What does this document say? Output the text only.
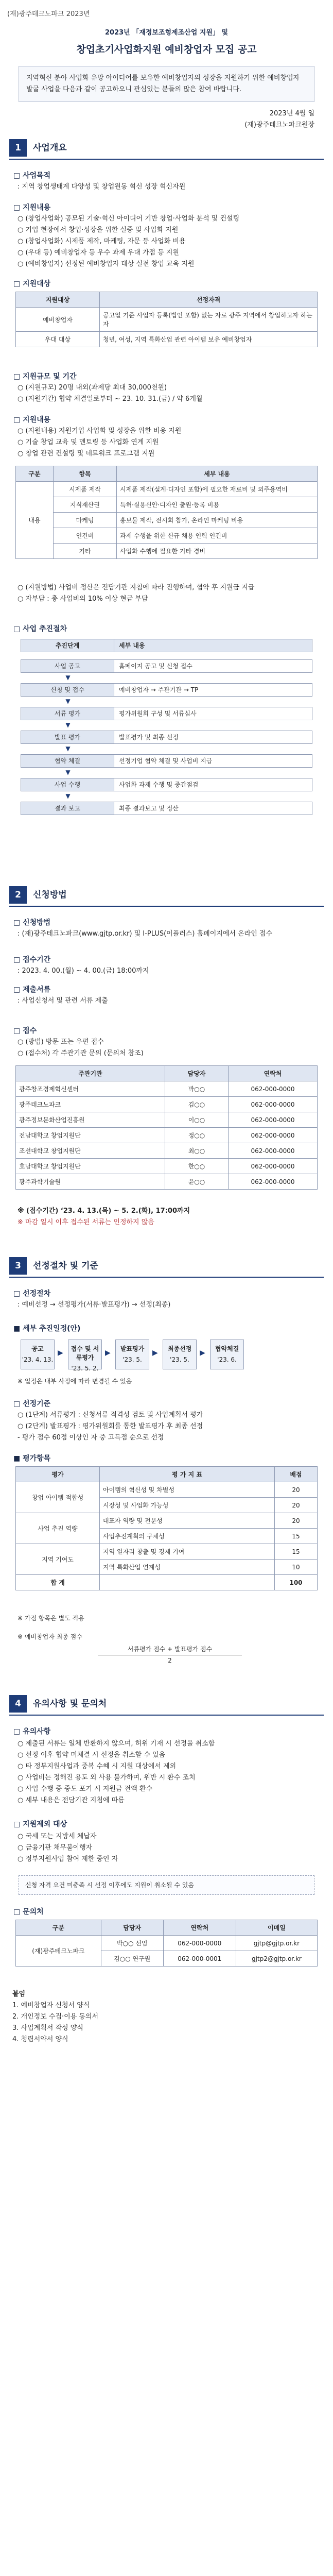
(재)광주테크노파크 2023년
2023년 「재정보조형제조산업 지원」 및
창업초기사업화지원 예비창업자 모집 공고
지역혁신 분야 사업화 유망 아이디어를 보유한 예비창업자의 성장을 지원하기 위한 예비창업자 발굴 사업을 다음과 같이 공고하오니 관심있는 분들의 많은 참여 바랍니다.
2023년 4월 일
(재)광주테크노파크원장
1	사업개요
□ 사업목적
: 지역 창업생태계 다양성 및 창업원동 혁신 성장 혁신자원
□ 지원내용
○ (창업사업화) 공모된 기술·혁신 아이디어 기반 창업·사업화 분석 및 컨설팅
○ 기업 현장에서 창업·성장을 위한 실증 및 사업화 지원
○ (창업사업화) 시제품 제작, 마케팅, 자문 등 사업화 비용
○ (우대 등) 예비창업자 등 우수 과제 우대 가점 등 지원
○ (예비창업자) 선정된 예비창업자 대상 실전 창업 교육 지원
□ 지원대상
지원대상	선정자격
예비창업자	공고일 기준 사업자 등록(법인 포함) 없는 자로 광주 지역에서 창업하고자 하는 자
우대 대상	청년, 여성, 지역 특화산업 관련 아이템 보유 예비창업자
□ 지원규모 및 기간
○ (지원규모) 20명 내외(과제당 최대 30,000천원)
○ (지원기간) 협약 체결일로부터 ~ 23. 10. 31.(금) / 약 6개월
□ 지원내용
○ (지원내용) 지원기업 사업화 및 성장을 위한 비용 지원
○ 기술 창업 교육 및 멘토링 등 사업화 연계 지원
○ 창업 관련 컨설팅 및 네트워크 프로그램 지원
구분	항목	세부 내용
내용	시제품 제작	시제품 제작(설계·디자인 포함)에 필요한 재료비 및 외주용역비
	지식재산권	특허·실용신안·디자인 출원·등록 비용
	마케팅	홍보물 제작, 전시회 참가, 온라인 마케팅 비용
	인건비	과제 수행을 위한 신규 채용 인력 인건비
	기타	사업화 수행에 필요한 기타 경비
○ (지원방법) 사업비 정산은 전담기관 지침에 따라 진행하며, 협약 후 지원금 지급
○ 자부담 : 총 사업비의 10% 이상 현금 부담
□ 사업 추진절차
추진단계	세부 내용
사업 공고	홈페이지 공고 및 신청 접수
▼
신청 및 접수	예비창업자 → 주관기관 → TP
▼
서류 평가	평가위원회 구성 및 서류심사
▼
발표 평가	발표평가 및 최종 선정
▼
협약 체결	선정기업 협약 체결 및 사업비 지급
▼
사업 수행	사업화 과제 수행 및 중간점검
▼
결과 보고	최종 결과보고 및 정산
2	신청방법
□ 신청방법
: (재)광주테크노파크(www.gjtp.or.kr) 및 I-PLUS(이플러스) 홈페이지에서 온라인 접수
□ 접수기간
: 2023. 4. 00.(월) ~ 4. 00.(금) 18:00까지
□ 제출서류
: 사업신청서 및 관련 서류 제출
□ 접수
○ (방법) 방문 또는 우편 접수
○ (접수처) 각 주관기관 문의 (문의처 참조)
주관기관	담당자	연락처
광주창조경제혁신센터	박○○	062-000-0000
광주테크노파크	김○○	062-000-0000
광주정보문화산업진흥원	이○○	062-000-0000
전남대학교 창업지원단	정○○	062-000-0000
조선대학교 창업지원단	최○○	062-000-0000
호남대학교 창업지원단	한○○	062-000-0000
광주과학기술원	윤○○	062-000-0000
※ (접수기간) ‘23. 4. 13.(목) ~ 5. 2.(화), 17:00까지
※ 마감 일시 이후 접수된 서류는 인정하지 않음
3	선정절차 및 기준
□ 선정절차
: 예비선정 → 선정평가(서류·발표평가) → 선정(최종)
■ 세부 추진일정(안)
공고
'23. 4. 13.
▶	접수 및 서류평가
'23. 5. 2.
▶	발표평가
'23. 5.
▶	최종선정
'23. 5.
▶	협약체결
'23. 6.
※ 일정은 내부 사정에 따라 변경될 수 있음
□ 선정기준
○ (1단계) 서류평가 : 신청서류 적격성 검토 및 사업계획서 평가
○ (2단계) 발표평가 : 평가위원회를 통한 발표평가 후 최종 선정
- 평가 점수 60점 이상인 자 중 고득점 순으로 선정
■ 평가항목
평가	평 가 지 표	배점
창업 아이템 적합성	아이템의 혁신성 및 차별성	20
	시장성 및 사업화 가능성	20
사업 추진 역량	대표자 역량 및 전문성	20
	사업추진계획의 구체성	15
지역 기여도	지역 일자리 창출 및 경제 기여	15
	지역 특화산업 연계성	10
합 계		100
※ 가점 항목은 별도 적용
※ 예비창업자 최종 점수
서류평가 점수 + 발표평가 점수
2
4	유의사항 및 문의처
□ 유의사항
○ 제출된 서류는 일체 반환하지 않으며, 허위 기재 시 선정을 취소함
○ 선정 이후 협약 미체결 시 선정을 취소할 수 있음
○ 타 정부지원사업과 중복 수혜 시 지원 대상에서 제외
○ 사업비는 정해진 용도 외 사용 불가하며, 위반 시 환수 조치
○ 사업 수행 중 중도 포기 시 지원금 전액 환수
○ 세부 내용은 전담기관 지침에 따름
□ 지원제외 대상
○ 국세 또는 지방세 체납자
○ 금융기관 채무불이행자
○ 정부지원사업 참여 제한 중인 자
신청 자격 요건 미충족 시 선정 이후에도 지원이 취소될 수 있음
□ 문의처
구분	담당자	연락처	이메일
(재)광주테크노파크	박○○ 선임	062-000-0000	gjtp@gjtp.or.kr
	김○○ 연구원	062-000-0001	gjtp2@gjtp.or.kr
붙임
1. 예비창업자 신청서 양식
2. 개인정보 수집·이용 동의서
3. 사업계획서 작성 양식
4. 청렴서약서 양식
